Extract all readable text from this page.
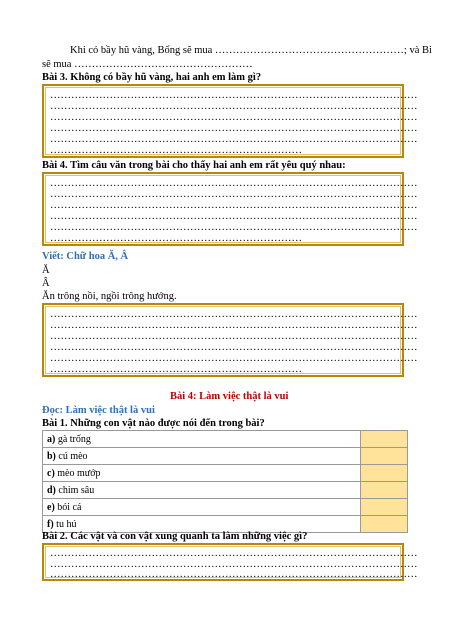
Khi có bầy hũ vàng, Bống sẽ mua ………………………………………………; và Bi
sẽ mua ……………………………………………
Bài 3. Không có bầy hũ vàng, hai anh em làm gì?
……………………………………………………………………………………………
……………………………………………………………………………………………
……………………………………………………………………………………………
……………………………………………………………………………………………
……………………………………………………………………………………………
………………………………………………………………
Bài 4. Tìm câu văn trong bài cho thấy hai anh em rất yêu quý nhau:
……………………………………………………………………………………………
……………………………………………………………………………………………
……………………………………………………………………………………………
……………………………………………………………………………………………
……………………………………………………………………………………………
………………………………………………………………
Viết: Chữ hoa Ă, Â
Ă
Â
Ăn trông nồi, ngồi trông hướng.
……………………………………………………………………………………………
……………………………………………………………………………………………
……………………………………………………………………………………………
……………………………………………………………………………………………
……………………………………………………………………………………………
………………………………………………………………
Bài 4: Làm việc thật là vui
Đọc: Làm việc thật là vui
Bài 1. Những con vật nào được nói đến trong bài?
a) gà trống	
b) cú mèo	
c) mèo mướp	
d) chim sâu	
e) bói cá	
f) tu hú	
Bài 2. Các vật và con vật xung quanh ta làm những việc gì?
……………………………………………………………………………………………
……………………………………………………………………………………………
……………………………………………………………………………………………
